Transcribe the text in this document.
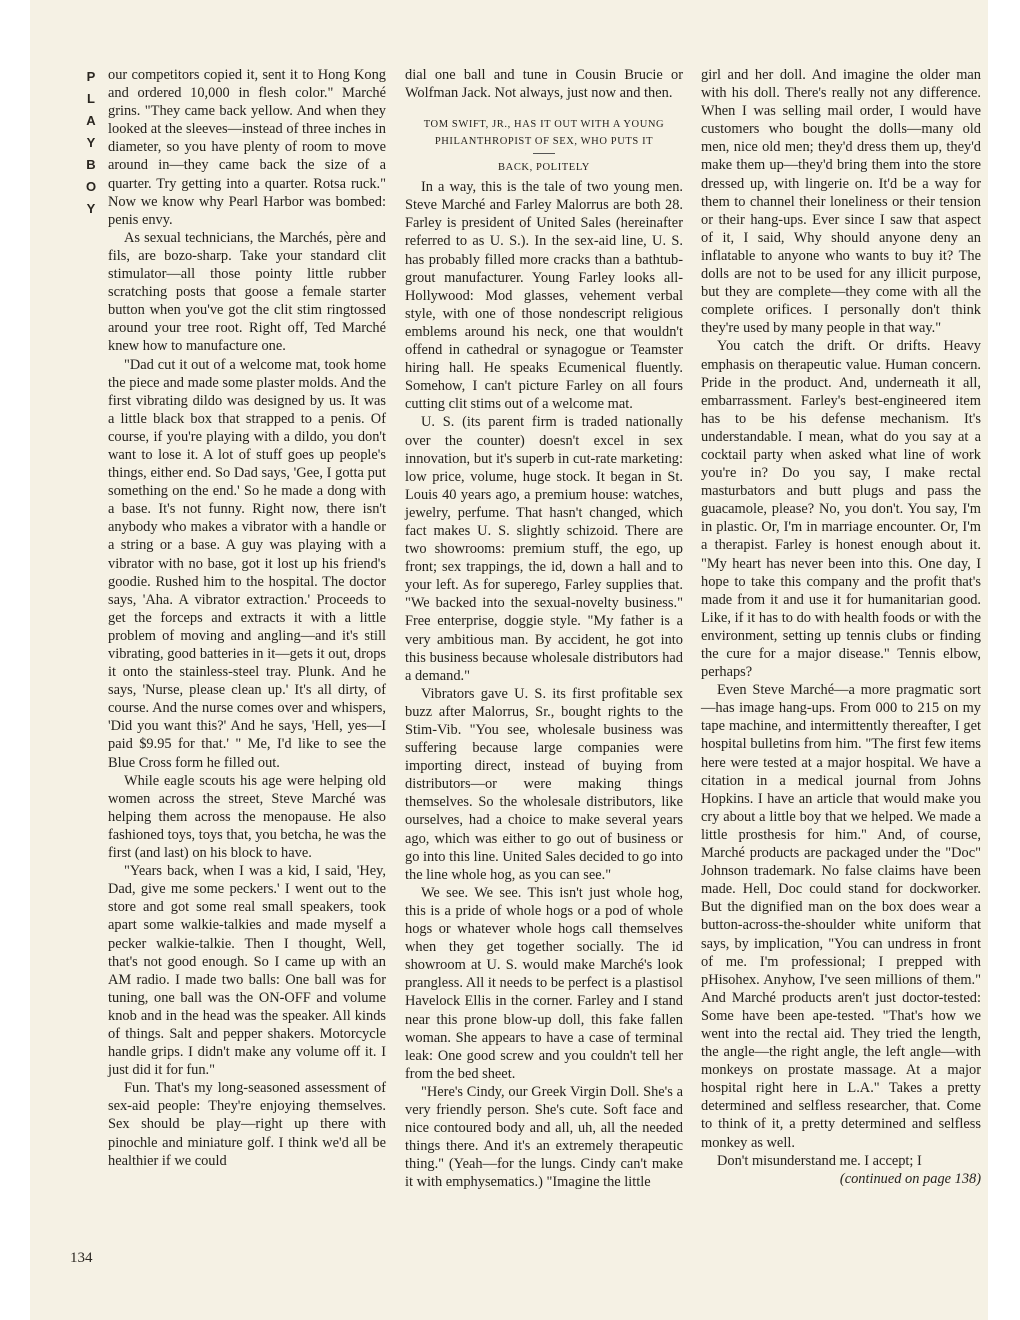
P
L
A
Y
B
O
Y

our competitors copied it, sent it to Hong Kong and ordered 10,000 in flesh color." Marché grins. "They came back yellow. And when they looked at the sleeves—instead of three inches in diameter, so you have plenty of room to move around in—they came back the size of a quarter. Try getting into a quarter. Rotsa ruck." Now we know why Pearl Harbor was bombed: penis envy.

As sexual technicians, the Marchés, père and fils, are bozo-sharp. Take your standard clit stimulator—all those pointy little rubber scratching posts that goose a female starter button when you've got the clit stim ringtossed around your tree root. Right off, Ted Marché knew how to manufacture one.

"Dad cut it out of a welcome mat, took home the piece and made some plaster molds. And the first vibrating dildo was designed by us. It was a little black box that strapped to a penis. Of course, if you're playing with a dildo, you don't want to lose it. A lot of stuff goes up people's things, either end. So Dad says, 'Gee, I gotta put something on the end.' So he made a dong with a base. It's not funny. Right now, there isn't anybody who makes a vibrator with a handle or a string or a base. A guy was playing with a vibrator with no base, got it lost up his friend's goodie. Rushed him to the hospital. The doctor says, 'Aha. A vibrator extraction.' Proceeds to get the forceps and extracts it with a little problem of moving and angling—and it's still vibrating, good batteries in it—gets it out, drops it onto the stainless-steel tray. Plunk. And he says, 'Nurse, please clean up.' It's all dirty, of course. And the nurse comes over and whispers, 'Did you want this?' And he says, 'Hell, yes—I paid $9.95 for that.' " Me, I'd like to see the Blue Cross form he filled out.

While eagle scouts his age were helping old women across the street, Steve Marché was helping them across the menopause. He also fashioned toys, toys that, you betcha, he was the first (and last) on his block to have.

"Years back, when I was a kid, I said, 'Hey, Dad, give me some peckers.' I went out to the store and got some real small speakers, took apart some walkie-talkies and made myself a pecker walkie-talkie. Then I thought, Well, that's not good enough. So I came up with an AM radio. I made two balls: One ball was for tuning, one ball was the ON-OFF and volume knob and in the head was the speaker. All kinds of things. Salt and pepper shakers. Motorcycle handle grips. I didn't make any volume off it. I just did it for fun."

Fun. That's my long-seasoned assessment of sex-aid people: They're enjoying themselves. Sex should be play—right up there with pinochle and miniature golf. I think we'd all be healthier if we could

dial one ball and tune in Cousin Brucie or Wolfman Jack. Not always, just now and then.

TOM SWIFT, JR., HAS IT OUT WITH A YOUNG
PHILANTHROPIST OF SEX, WHO PUTS IT
BACK, POLITELY

In a way, this is the tale of two young men. Steve Marché and Farley Malorrus are both 28. Farley is president of United Sales (hereinafter referred to as U. S.). In the sex-aid line, U. S. has probably filled more cracks than a bathtub-grout manufacturer. Young Farley looks all-Hollywood: Mod glasses, vehement verbal style, with one of those nondescript religious emblems around his neck, one that wouldn't offend in cathedral or synagogue or Teamster hiring hall. He speaks Ecumenical fluently. Somehow, I can't picture Farley on all fours cutting clit stims out of a welcome mat.

U. S. (its parent firm is traded nationally over the counter) doesn't excel in sex innovation, but it's superb in cut-rate marketing: low price, volume, huge stock. It began in St. Louis 40 years ago, a premium house: watches, jewelry, perfume. That hasn't changed, which fact makes U. S. slightly schizoid. There are two showrooms: premium stuff, the ego, up front; sex trappings, the id, down a hall and to your left. As for superego, Farley supplies that. "We backed into the sexual-novelty business." Free enterprise, doggie style. "My father is a very ambitious man. By accident, he got into this business because wholesale distributors had a demand."

Vibrators gave U. S. its first profitable sex buzz after Malorrus, Sr., bought rights to the Stim-Vib. "You see, wholesale business was suffering because large companies were importing direct, instead of buying from distributors—or were making things themselves. So the wholesale distributors, like ourselves, had a choice to make several years ago, which was either to go out of business or go into this line. United Sales decided to go into the line whole hog, as you can see."

We see. We see. This isn't just whole hog, this is a pride of whole hogs or a pod of whole hogs or whatever whole hogs call themselves when they get together socially. The id showroom at U. S. would make Marché's look prangless. All it needs to be perfect is a plastisol Havelock Ellis in the corner. Farley and I stand near this prone blow-up doll, this fake fallen woman. She appears to have a case of terminal leak: One good screw and you couldn't tell her from the bed sheet.

"Here's Cindy, our Greek Virgin Doll. She's a very friendly person. She's cute. Soft face and nice contoured body and all, uh, all the needed things there. And it's an extremely therapeutic thing." (Yeah—for the lungs. Cindy can't make it with emphysematics.) "Imagine the little

girl and her doll. And imagine the older man with his doll. There's really not any difference. When I was selling mail order, I would have customers who bought the dolls—many old men, nice old men; they'd dress them up, they'd make them up—they'd bring them into the store dressed up, with lingerie on. It'd be a way for them to channel their loneliness or their tension or their hang-ups. Ever since I saw that aspect of it, I said, Why should anyone deny an inflatable to anyone who wants to buy it? The dolls are not to be used for any illicit purpose, but they are complete—they come with all the complete orifices. I personally don't think they're used by many people in that way."

You catch the drift. Or drifts. Heavy emphasis on therapeutic value. Human concern. Pride in the product. And, underneath it all, embarrassment. Farley's best-engineered item has to be his defense mechanism. It's understandable. I mean, what do you say at a cocktail party when asked what line of work you're in? Do you say, I make rectal masturbators and butt plugs and pass the guacamole, please? No, you don't. You say, I'm in plastic. Or, I'm in marriage encounter. Or, I'm a therapist. Farley is honest enough about it. "My heart has never been into this. One day, I hope to take this company and the profit that's made from it and use it for humanitarian good. Like, if it has to do with health foods or with the environment, setting up tennis clubs or finding the cure for a major disease." Tennis elbow, perhaps?

Even Steve Marché—a more pragmatic sort—has image hang-ups. From 000 to 215 on my tape machine, and intermittently thereafter, I get hospital bulletins from him. "The first few items here were tested at a major hospital. We have a citation in a medical journal from Johns Hopkins. I have an article that would make you cry about a little boy that we helped. We made a little prosthesis for him." And, of course, Marché products are packaged under the "Doc" Johnson trademark. No false claims have been made. Hell, Doc could stand for dockworker. But the dignified man on the box does wear a button-across-the-shoulder white uniform that says, by implication, "You can undress in front of me. I'm professional; I prepped with pHisohex. Anyhow, I've seen millions of them." And Marché products aren't just doctor-tested: Some have been ape-tested. "That's how we went into the rectal aid. They tried the length, the angle—the right angle, the left angle—with monkeys on prostate massage. At a major hospital right here in L.A." Takes a pretty determined and selfless researcher, that. Come to think of it, a pretty determined and selfless monkey as well.

Don't misunderstand me. I accept; I

(continued on page 138)

134
